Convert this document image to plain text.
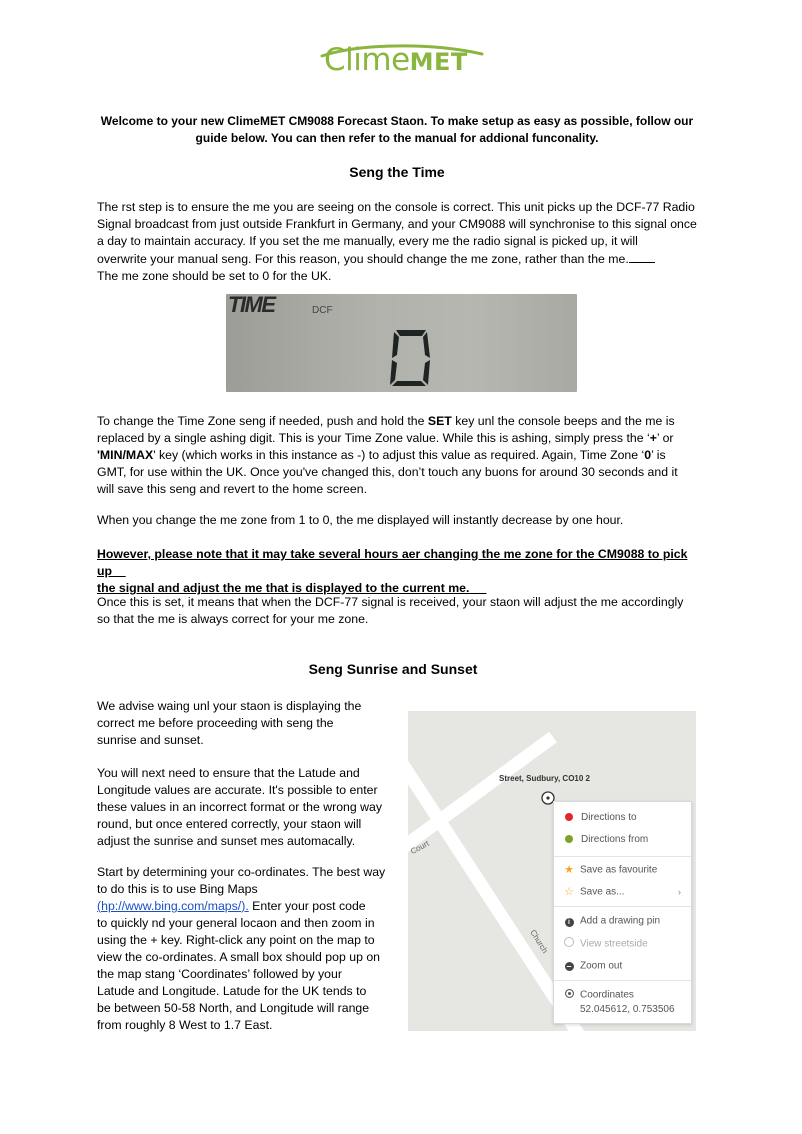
ClimeMET
Welcome to your new ClimeMET CM9088 Forecast Staon. To make setup as easy as possible, follow our
guide below. You can then refer to the manual for addional funconality.
Seng the Time
The rst step is to ensure the me you are seeing on the console is correct. This unit picks up the DCF-77 Radio
Signal broadcast from just outside Frankfurt in Germany, and your CM9088 will synchronise to this signal once
a day to maintain accuracy. If you set the me manually, every me the radio signal is picked up, it will
overwrite your manual seng. For this reason, you should change the me zone, rather than the me.
The me zone should be set to 0 for the UK.
TIME	DCF
To change the Time Zone seng if needed, push and hold the SET key unl the console beeps and the me is
replaced by a single ashing digit. This is your Time Zone value. While this is ashing, simply press the ‘+’ or
'MIN/MAX' key (which works in this instance as -) to adjust this value as required. Again, Time Zone ‘0’ is
GMT, for use within the UK. Once you've changed this, don’t touch any buons for around 30 seconds and it
will save this seng and revert to the home screen.
When you change the me zone from 1 to 0, the me displayed will instantly decrease by one hour.
However, please note that it may take several hours aer changing the me zone for the CM9088 to pick up
the signal and adjust the me that is displayed to the current me.
Once this is set, it means that when the DCF-77 signal is received, your staon will adjust the me accordingly
so that the me is always correct for your me zone.
Seng Sunrise and Sunset
We advise waing unl your staon is displaying the
correct me before proceeding with seng the
sunrise and sunset.
You will next need to ensure that the Latude and
Longitude values are accurate. It's possible to enter
these values in an incorrect format or the wrong way
round, but once entered correctly, your staon will
adjust the sunrise and sunset mes automacally.
Start by determining your co-ordinates. The best way
to do this is to use Bing Maps
(hp://www.bing.com/maps/). Enter your post code
to quickly nd your general locaon and then zoom in
using the + key. Right-click any point on the map to
view the co-ordinates. A small box should pop up on
the map stang ‘Coordinates’ followed by your
Latude and Longitude. Latude for the UK tends to
be between 50-58 North, and Longitude will range
from roughly 8 West to 1.7 East.
Street, Sudbury, CO10 2
Court
Church
Directions to
Directions from
★ Save as favourite
☆ Save as...	›
i Add a drawing pin
View streetside
– Zoom out
Coordinates
52.045612, 0.753506
